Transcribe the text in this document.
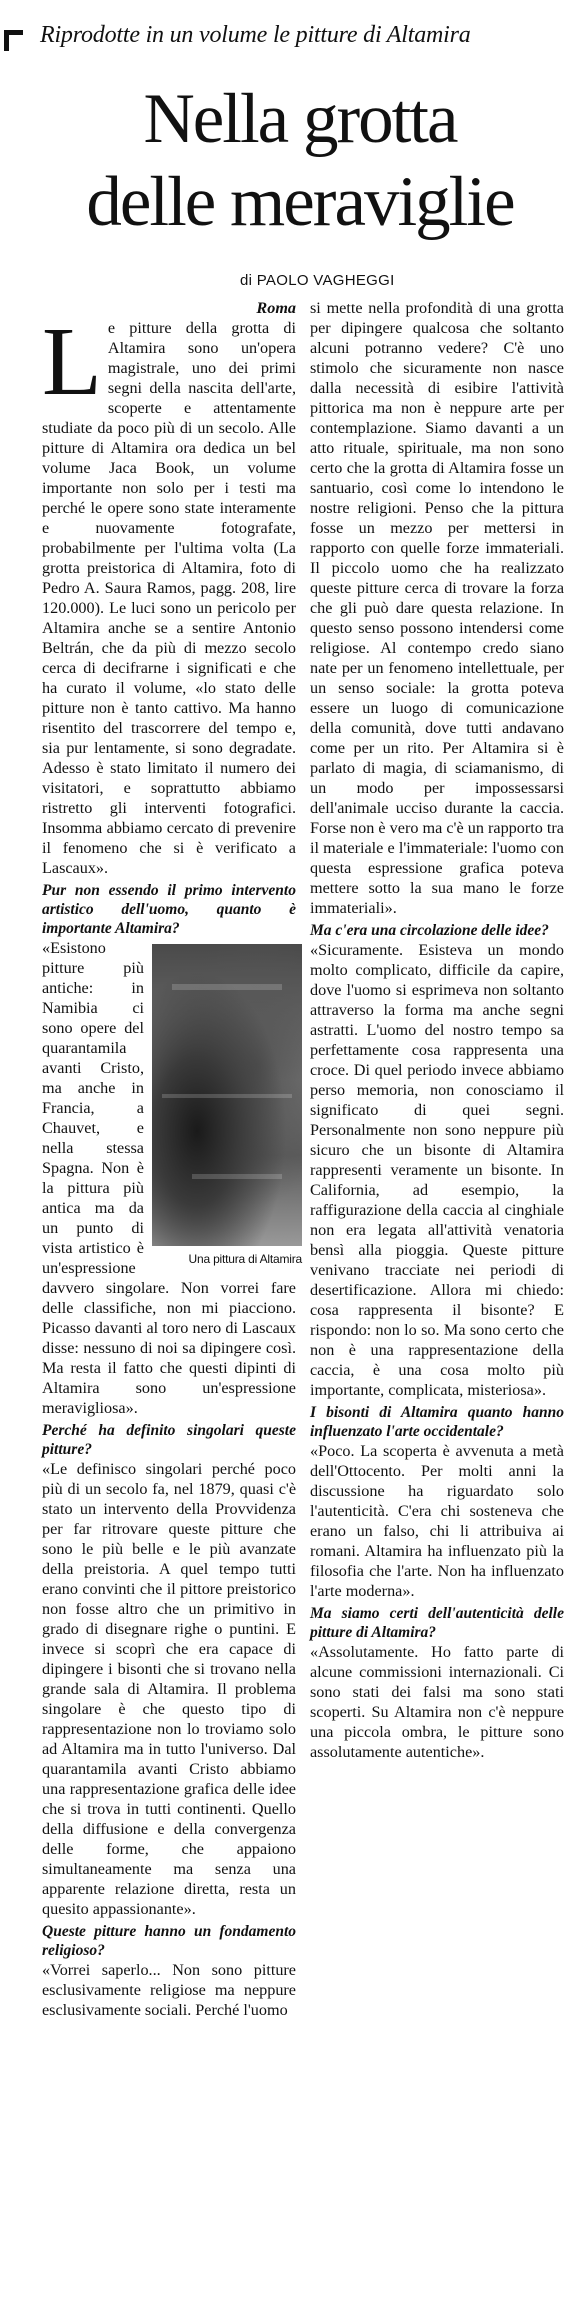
Riprodotte in un volume le pitture di Altamira
Nella grotta
delle meraviglie
di PAOLO VAGHEGGI
Roma
L e pitture della grotta di Altamira sono un'opera magistrale, uno dei primi segni della nascita dell'arte, scoperte e attentamente studiate da poco più di un secolo. Alle pitture di Altamira ora dedica un bel volume Jaca Book, un volume importante non solo per i testi ma perché le opere sono state interamente e nuovamente fotografate, probabilmente per l'ultima volta (La grotta preistorica di Altamira, foto di Pedro A. Saura Ramos, pagg. 208, lire 120.000). Le luci sono un pericolo per Altamira anche se a sentire Antonio Beltrán, che da più di mezzo secolo cerca di decifrarne i significati e che ha curato il volume, «lo stato delle pitture non è tanto cattivo. Ma hanno risentito del trascorrere del tempo e, sia pur lentamente, si sono degradate. Adesso è stato limitato il numero dei visitatori, e soprattutto abbiamo ristretto gli interventi fotografici. Insomma abbiamo cercato di prevenire il fenomeno che si è verificato a Lascaux».

Pur non essendo il primo intervento artistico dell'uomo, quanto è importante Altamira?

Una pittura di Altamira

«Esistono pitture più antiche: in Namibia ci sono opere del quarantamila avanti Cristo, ma anche in Francia, a Chauvet, e nella stessa Spagna. Non è la pittura più antica ma da un punto di vista artistico è un'espressione davvero singolare. Non vorrei fare delle classifiche, non mi piacciono. Picasso davanti al toro nero di Lascaux disse: nessuno di noi sa dipingere così. Ma resta il fatto che questi dipinti di Altamira sono un'espressione meravigliosa».

Perché ha definito singolari queste pitture?

«Le definisco singolari perché poco più di un secolo fa, nel 1879, quasi c'è stato un intervento della Provvidenza per far ritrovare queste pitture che sono le più belle e le più avanzate della preistoria. A quel tempo tutti erano convinti che il pittore preistorico non fosse altro che un primitivo in grado di disegnare righe o puntini. E invece si scoprì che era capace di dipingere i bisonti che si trovano nella grande sala di Altamira. Il problema singolare è che questo tipo di rappresentazione non lo troviamo solo ad Altamira ma in tutto l'universo. Dal quarantamila avanti Cristo abbiamo una rappresentazione grafica delle idee che si trova in tutti continenti. Quello della diffusione e della convergenza delle forme, che appaiono simultaneamente ma senza una apparente relazione diretta, resta un quesito appassionante».

Queste pitture hanno un fondamento religioso?

«Vorrei saperlo... Non sono pitture esclusivamente religiose ma neppure esclusivamente sociali. Perché l'uomo

si mette nella profondità di una grotta per dipingere qualcosa che soltanto alcuni potranno vedere? C'è uno stimolo che sicuramente non nasce dalla necessità di esibire l'attività pittorica ma non è neppure arte per contemplazione. Siamo davanti a un atto rituale, spirituale, ma non sono certo che la grotta di Altamira fosse un santuario, così come lo intendono le nostre religioni. Penso che la pittura fosse un mezzo per mettersi in rapporto con quelle forze immateriali. Il piccolo uomo che ha realizzato queste pitture cerca di trovare la forza che gli può dare questa relazione. In questo senso possono intendersi come religiose. Al contempo credo siano nate per un fenomeno intellettuale, per un senso sociale: la grotta poteva essere un luogo di comunicazione della comunità, dove tutti andavano come per un rito. Per Altamira si è parlato di magia, di sciamanismo, di un modo per impossessarsi dell'animale ucciso durante la caccia. Forse non è vero ma c'è un rapporto tra il materiale e l'immateriale: l'uomo con questa espressione grafica poteva mettere sotto la sua mano le forze immateriali».

Ma c'era una circolazione delle idee?

«Sicuramente. Esisteva un mondo molto complicato, difficile da capire, dove l'uomo si esprimeva non soltanto attraverso la forma ma anche segni astratti. L'uomo del nostro tempo sa perfettamente cosa rappresenta una croce. Di quel periodo invece abbiamo perso memoria, non conosciamo il significato di quei segni. Personalmente non sono neppure più sicuro che un bisonte di Altamira rappresenti veramente un bisonte. In California, ad esempio, la raffigurazione della caccia al cinghiale non era legata all'attività venatoria bensì alla pioggia. Queste pitture venivano tracciate nei periodi di desertificazione. Allora mi chiedo: cosa rappresenta il bisonte? E rispondo: non lo so. Ma sono certo che non è una rappresentazione della caccia, è una cosa molto più importante, complicata, misteriosa».

I bisonti di Altamira quanto hanno influenzato l'arte occidentale?

«Poco. La scoperta è avvenuta a metà dell'Ottocento. Per molti anni la discussione ha riguardato solo l'autenticità. C'era chi sosteneva che erano un falso, chi li attribuiva ai romani. Altamira ha influenzato più la filosofia che l'arte. Non ha influenzato l'arte moderna».

Ma siamo certi dell'autenticità delle pitture di Altamira?

«Assolutamente. Ho fatto parte di alcune commissioni internazionali. Ci sono stati dei falsi ma sono stati scoperti. Su Altamira non c'è neppure una piccola ombra, le pitture sono assolutamente autentiche».
